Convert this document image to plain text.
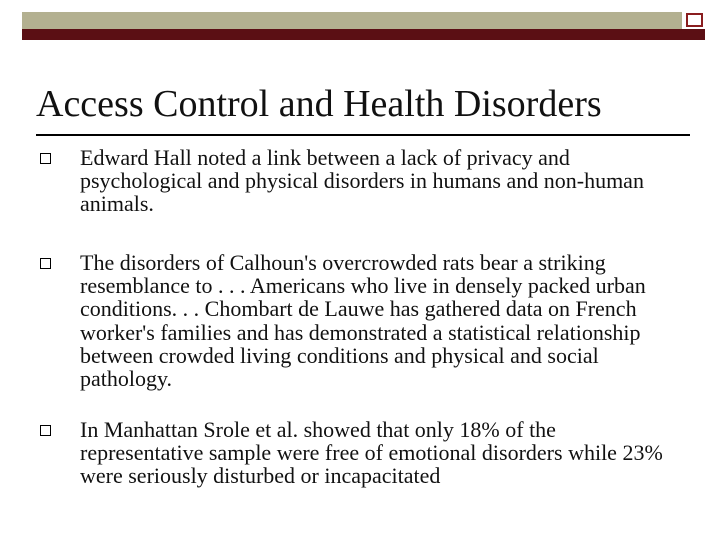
Access Control and Health Disorders

Edward Hall noted a link between a lack of privacy and psychological and physical disorders in humans and non-human animals.

The disorders of Calhoun's overcrowded rats bear a striking resemblance to . . . Americans who live in densely packed urban conditions. . . Chombart de Lauwe has gathered data on French worker's families and has demonstrated a statistical relationship between crowded living conditions and physical and social pathology.

In Manhattan Srole et al. showed that only 18% of the representative sample were free of emotional disorders while 23% were seriously disturbed or incapacitated
